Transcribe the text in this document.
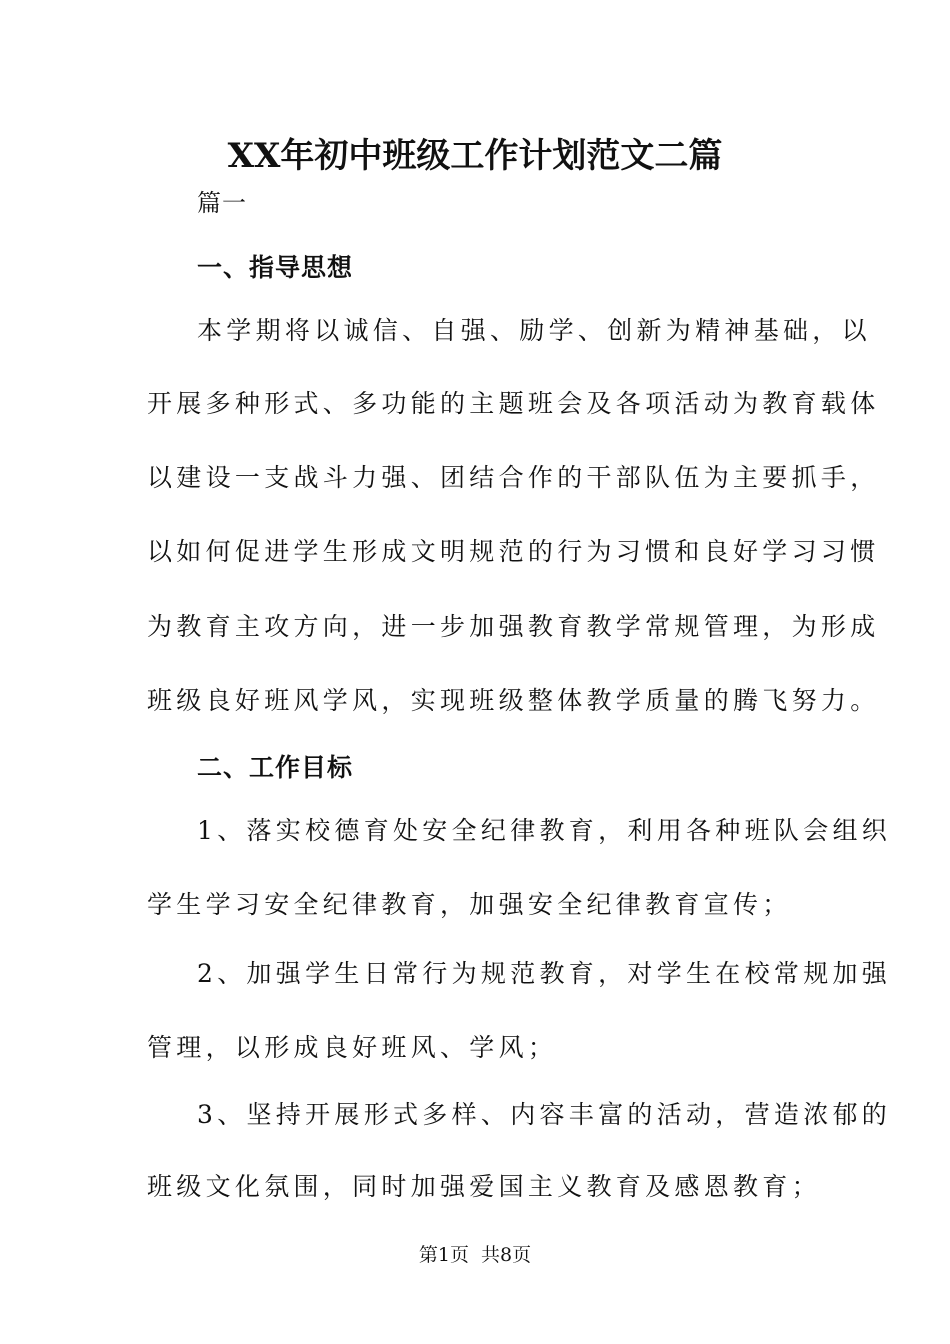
XX年初中班级工作计划范文二篇
篇一
一、指导思想
本学期将以诚信、自强、励学、创新为精神基础，以
开展多种形式、多功能的主题班会及各项活动为教育载体
以建设一支战斗力强、团结合作的干部队伍为主要抓手，
以如何促进学生形成文明规范的行为习惯和良好学习习惯
为教育主攻方向，进一步加强教育教学常规管理，为形成
班级良好班风学风，实现班级整体教学质量的腾飞努力。
二、工作目标
1、落实校德育处安全纪律教育，利用各种班队会组织
学生学习安全纪律教育，加强安全纪律教育宣传；
2、加强学生日常行为规范教育，对学生在校常规加强
管理，以形成良好班风、学风；
3、坚持开展形式多样、内容丰富的活动，营造浓郁的
班级文化氛围，同时加强爱国主义教育及感恩教育；
第1页 共8页
